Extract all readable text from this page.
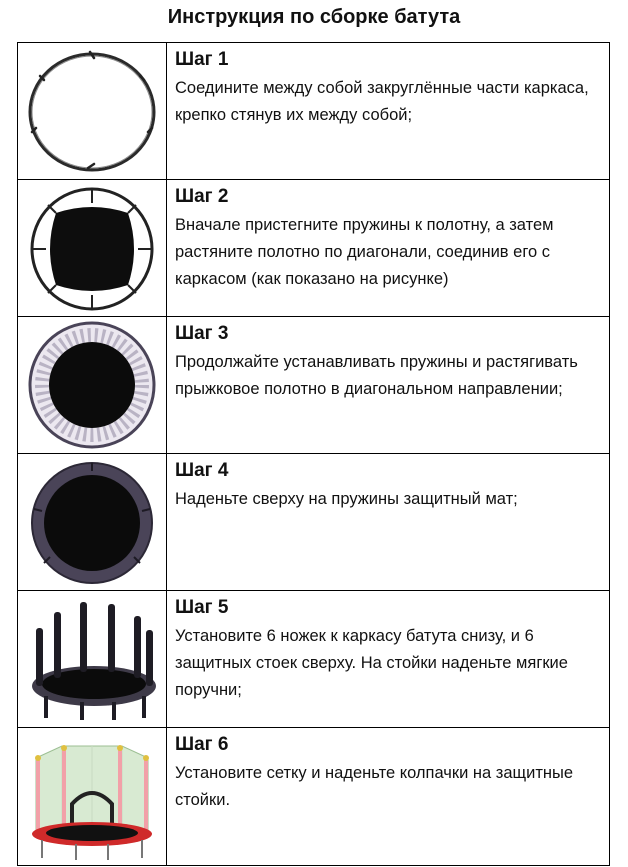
Инструкция по сборке батута
Шаг 1
Соедините между собой закруглённые части каркаса, крепко стянув их между собой;
Шаг 2
Вначале пристегните пружины к полотну, а затем растяните полотно по диагонали, соединив его с каркасом (как показано на рисунке)
Шаг 3
Продолжайте устанавливать пружины и растягивать прыжковое полотно в диагональном направлении;
Шаг 4
Наденьте сверху на пружины защитный мат;
Шаг 5
Установите 6 ножек к каркасу батута снизу, и 6 защитных стоек сверху. На стойки наденьте мягкие поручни;
Шаг 6
Установите сетку и наденьте колпачки на защитные стойки.
